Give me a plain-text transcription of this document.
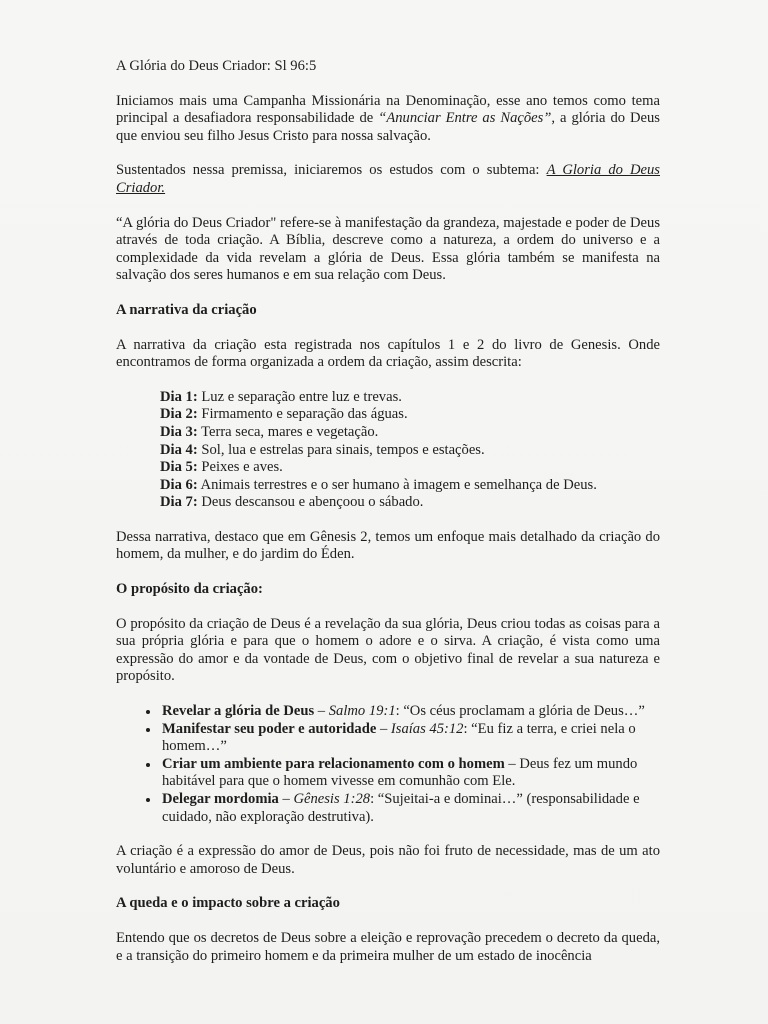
A Glória do Deus Criador: Sl 96:5

Iniciamos mais uma Campanha Missionária na Denominação, esse ano temos como tema principal a desafiadora responsabilidade de “Anunciar Entre as Nações”, a glória do Deus que enviou seu filho Jesus Cristo para nossa salvação.

Sustentados nessa premissa, iniciaremos os estudos com o subtema: A Gloria do Deus Criador.

“A glória do Deus Criador" refere-se à manifestação da grandeza, majestade e poder de Deus através de toda criação. A Bíblia, descreve como a natureza, a ordem do universo e a complexidade da vida revelam a glória de Deus. Essa glória também se manifesta na salvação dos seres humanos e em sua relação com Deus.

A narrativa da criação

A narrativa da criação esta registrada nos capítulos 1 e 2 do livro de Genesis. Onde encontramos de forma organizada a ordem da criação, assim descrita:

Dia 1: Luz e separação entre luz e trevas.
Dia 2: Firmamento e separação das águas.
Dia 3: Terra seca, mares e vegetação.
Dia 4: Sol, lua e estrelas para sinais, tempos e estações.
Dia 5: Peixes e aves.
Dia 6: Animais terrestres e o ser humano à imagem e semelhança de Deus.
Dia 7: Deus descansou e abençoou o sábado.

Dessa narrativa, destaco que em Gênesis 2, temos um enfoque mais detalhado da criação do homem, da mulher, e do jardim do Éden.

O propósito da criação:

O propósito da criação de Deus é a revelação da sua glória, Deus criou todas as coisas para a sua própria glória e para que o homem o adore e o sirva. A criação, é vista como uma expressão do amor e da vontade de Deus, com o objetivo final de revelar a sua natureza e propósito.

• Revelar a glória de Deus – Salmo 19:1: “Os céus proclamam a glória de Deus…”
• Manifestar seu poder e autoridade – Isaías 45:12: “Eu fiz a terra, e criei nela o homem…”
• Criar um ambiente para relacionamento com o homem – Deus fez um mundo habitável para que o homem vivesse em comunhão com Ele.
• Delegar mordomia – Gênesis 1:28: “Sujeitai-a e dominai…” (responsabilidade e cuidado, não exploração destrutiva).

A criação é a expressão do amor de Deus, pois não foi fruto de necessidade, mas de um ato voluntário e amoroso de Deus.

A queda e o impacto sobre a criação

Entendo que os decretos de Deus sobre a eleição e reprovação precedem o decreto da queda, e a transição do primeiro homem e da primeira mulher de um estado de inocência
